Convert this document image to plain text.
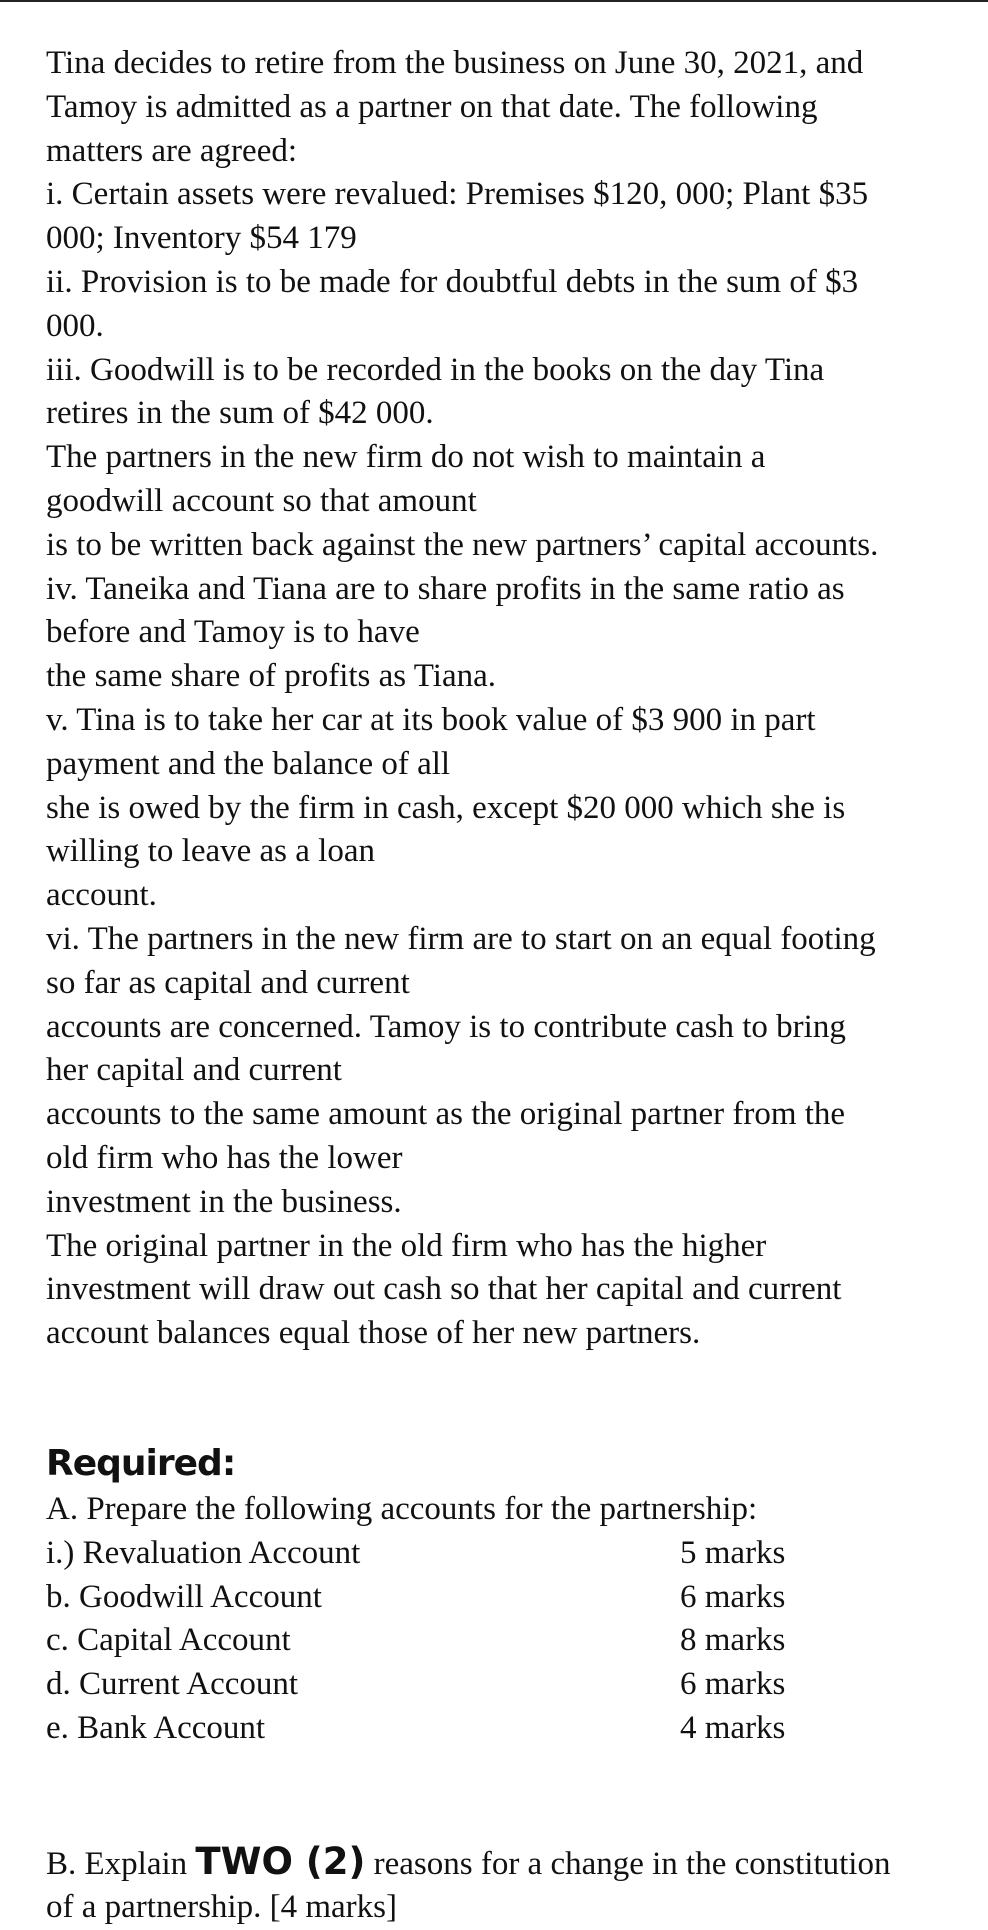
Tina decides to retire from the business on June 30, 2021, and
Tamoy is admitted as a partner on that date. The following
matters are agreed:
i. Certain assets were revalued: Premises $120, 000; Plant $35
000; Inventory $54 179
ii. Provision is to be made for doubtful debts in the sum of $3
000.
iii. Goodwill is to be recorded in the books on the day Tina
retires in the sum of $42 000.
The partners in the new firm do not wish to maintain a
goodwill account so that amount
is to be written back against the new partners’ capital accounts.
iv. Taneika and Tiana are to share profits in the same ratio as
before and Tamoy is to have
the same share of profits as Tiana.
v. Tina is to take her car at its book value of $3 900 in part
payment and the balance of all
she is owed by the firm in cash, except $20 000 which she is
willing to leave as a loan
account.
vi. The partners in the new firm are to start on an equal footing
so far as capital and current
accounts are concerned. Tamoy is to contribute cash to bring
her capital and current
accounts to the same amount as the original partner from the
old firm who has the lower
investment in the business.
The original partner in the old firm who has the higher
investment will draw out cash so that her capital and current
account balances equal those of her new partners.
Required:
A. Prepare the following accounts for the partnership:
i.) Revaluation Account	5 marks
b. Goodwill Account	6 marks
c. Capital Account	8 marks
d. Current Account	6 marks
e. Bank Account	4 marks
B. Explain TWO (2) reasons for a change in the constitution
of a partnership. [4 marks]
